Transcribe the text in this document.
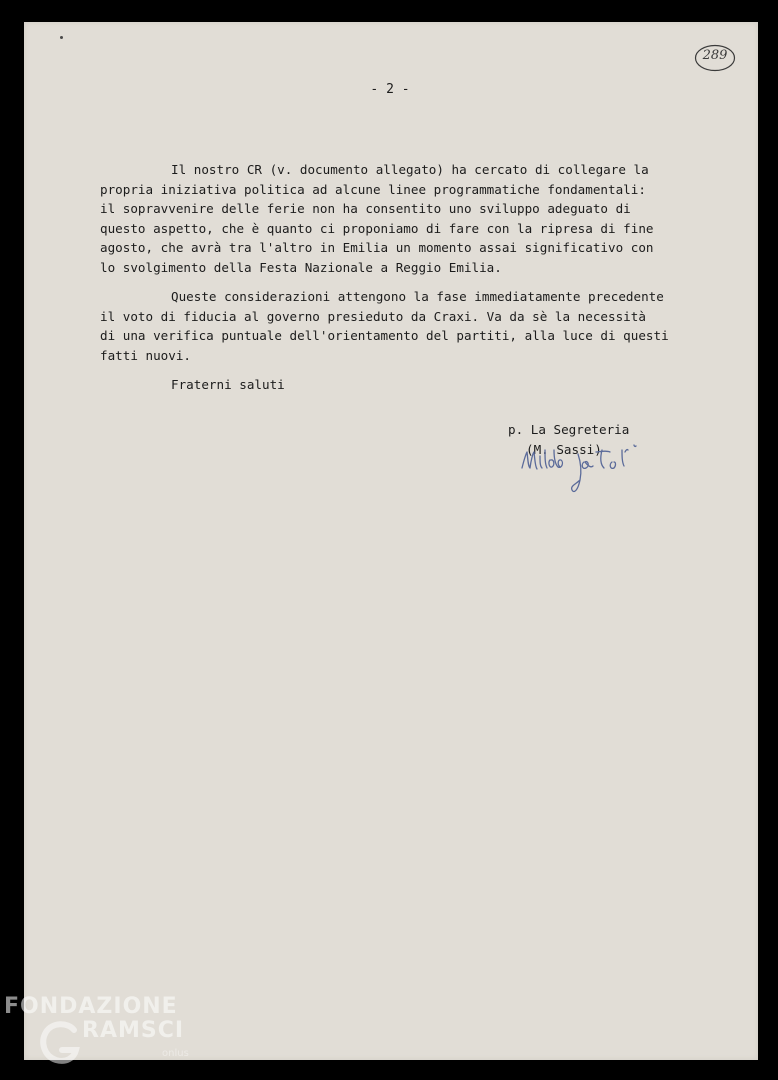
289
- 2 -

Il nostro CR (v. documento allegato) ha cercato di collegare la
propria iniziativa politica ad alcune linee programmatiche fondamentali:
il sopravvenire delle ferie non ha consentito uno sviluppo adeguato di
questo aspetto, che è quanto ci proponiamo di fare con la ripresa di fine
agosto, che avrà tra l'altro in Emilia un momento assai significativo con
lo svolgimento della Festa Nazionale a Reggio Emilia.

Queste considerazioni attengono la fase immediatamente precedente
il voto di fiducia al governo presieduto da Craxi. Va da sè la necessità
di una verifica puntuale dell'orientamento del partiti, alla luce di questi
fatti nuovi.

Fraterni saluti

p. La Segreteria
(M. Sassi)
FONDAZIONE
RAMSCI
onlus
